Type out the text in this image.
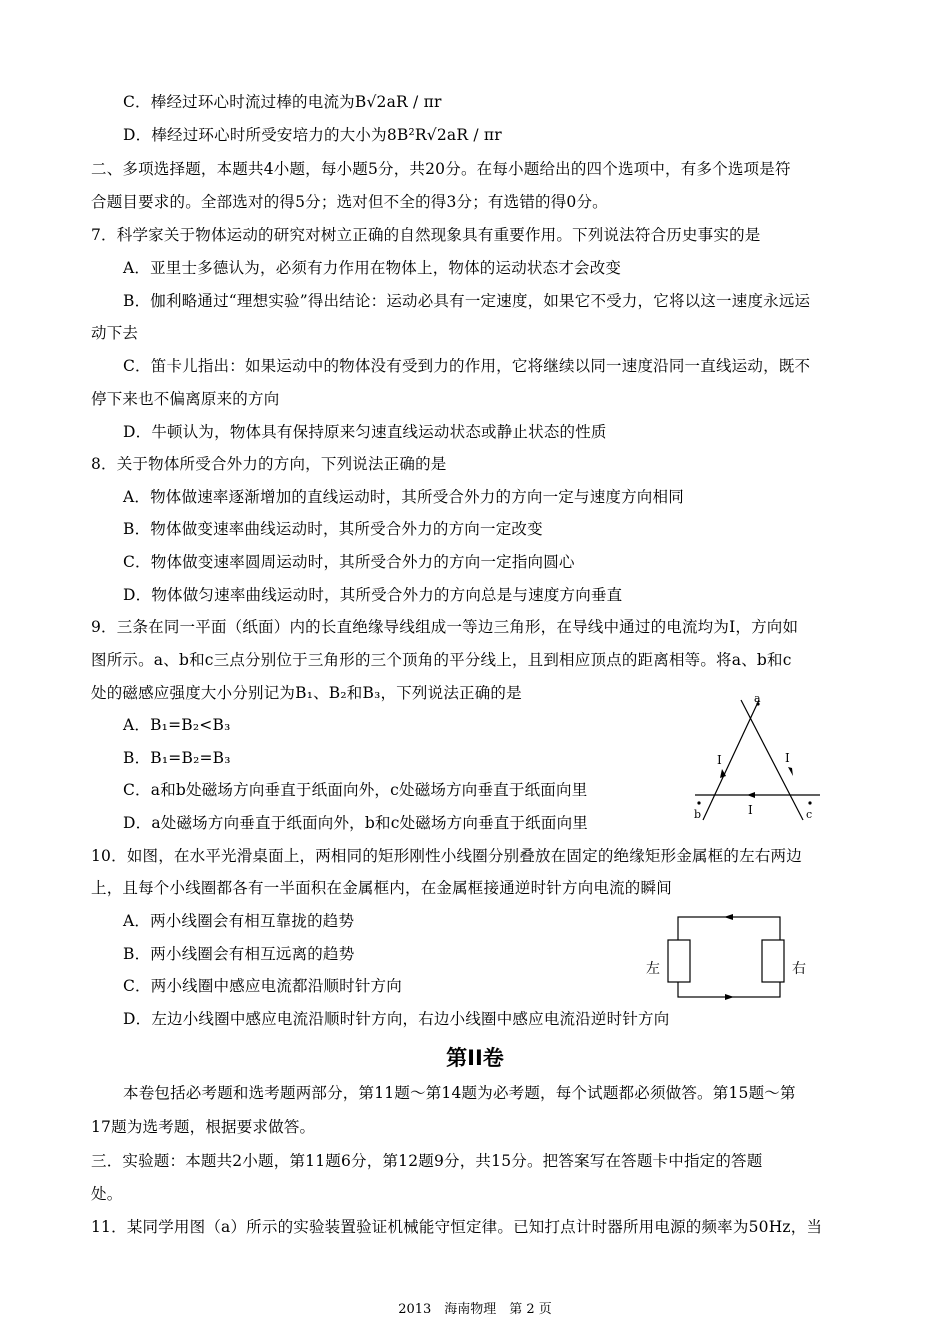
C．棒经过环心时流过棒的电流为B√2aR / πr
D．棒经过环心时所受安培力的大小为8B²R√2aR / πr
二、多项选择题，本题共4小题，每小题5分，共20分。在每小题给出的四个选项中，有多个选项是符
合题目要求的。全部选对的得5分；选对但不全的得3分；有选错的得0分。
7．科学家关于物体运动的研究对树立正确的自然现象具有重要作用。下列说法符合历史事实的是
A．亚里士多德认为，必须有力作用在物体上，物体的运动状态才会改变
B．伽利略通过“理想实验”得出结论：运动必具有一定速度，如果它不受力，它将以这一速度永远运
动下去
C．笛卡儿指出：如果运动中的物体没有受到力的作用，它将继续以同一速度沿同一直线运动，既不
停下来也不偏离原来的方向
D．牛顿认为，物体具有保持原来匀速直线运动状态或静止状态的性质
8．关于物体所受合外力的方向，下列说法正确的是
A．物体做速率逐渐增加的直线运动时，其所受合外力的方向一定与速度方向相同
B．物体做变速率曲线运动时，其所受合外力的方向一定改变
C．物体做变速率圆周运动时，其所受合外力的方向一定指向圆心
D．物体做匀速率曲线运动时，其所受合外力的方向总是与速度方向垂直
9．三条在同一平面（纸面）内的长直绝缘导线组成一等边三角形，在导线中通过的电流均为I，方向如
图所示。a、b和c三点分别位于三角形的三个顶角的平分线上，且到相应顶点的距离相等。将a、b和c
处的磁感应强度大小分别记为B₁、B₂和B₃，下列说法正确的是
A．B₁=B₂<B₃
B．B₁=B₂=B₃
C．a和b处磁场方向垂直于纸面向外，c处磁场方向垂直于纸面向里
D．a处磁场方向垂直于纸面向外，b和c处磁场方向垂直于纸面向里
a
b	c
I	I
I
10．如图，在水平光滑桌面上，两相同的矩形刚性小线圈分别叠放在固定的绝缘矩形金属框的左右两边
上，且每个小线圈都各有一半面积在金属框内，在金属框接通逆时针方向电流的瞬间
A．两小线圈会有相互靠拢的趋势
B．两小线圈会有相互远离的趋势
C．两小线圈中感应电流都沿顺时针方向
D．左边小线圈中感应电流沿顺时针方向，右边小线圈中感应电流沿逆时针方向
左	右
第II卷
本卷包括必考题和选考题两部分，第11题～第14题为必考题，每个试题都必须做答。第15题～第
17题为选考题，根据要求做答。
三．实验题：本题共2小题，第11题6分，第12题9分，共15分。把答案写在答题卡中指定的答题
处。
11．某同学用图（a）所示的实验装置验证机械能守恒定律。已知打点计时器所用电源的频率为50Hz，当
2013　海南物理　第 2 页
